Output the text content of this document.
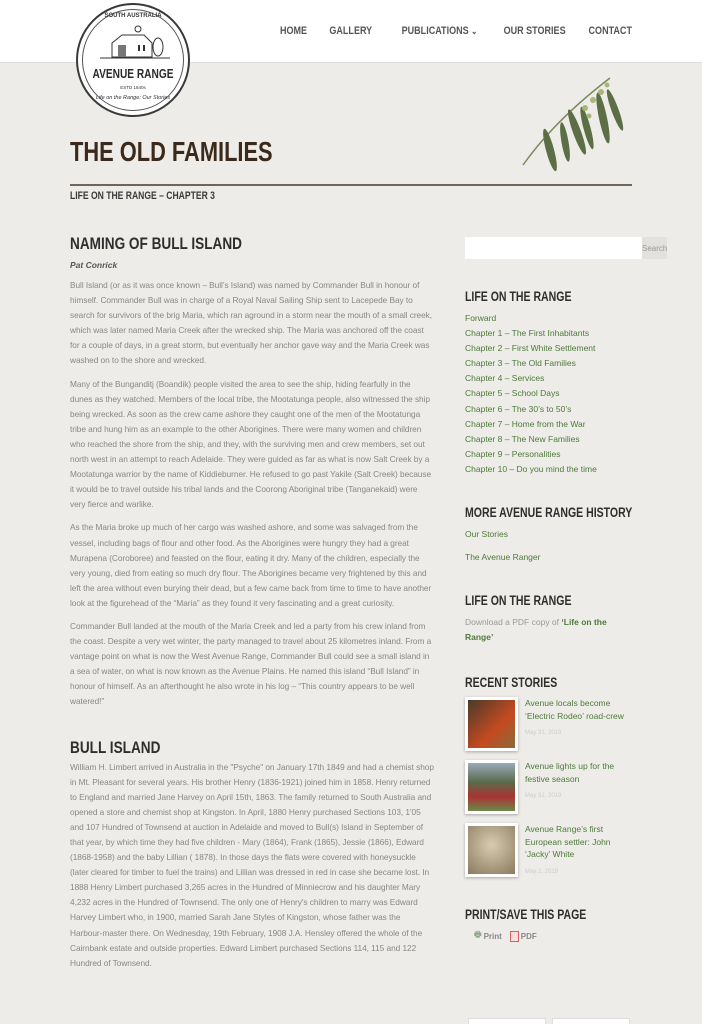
HOME GALLERY	PUBLICATIONS ⌄ OUR STORIES CONTACT
SOUTH AUSTRALIA
AVENUE RANGE
ESTD 1840s
Life on the Range: Our Stories
THE OLD FAMILIES
LIFE ON THE RANGE – CHAPTER 3
NAMING OF BULL ISLAND
Pat Conrick

Bull Island (or as it was once known – Bull’s Island) was named by Commander Bull in honour of himself. Commander Bull was in charge of a Royal Naval Sailing Ship sent to Lacepede Bay to search for survivors of the brig Maria, which ran aground in a storm near the mouth of a small creek, which was later named Maria Creek after the wrecked ship. The Maria was anchored off the coast for a couple of days, in a great storm, but eventually her anchor gave way and the Maria Creek was washed on to the shore and wrecked.

Many of the Bunganditj (Boandik) people visited the area to see the ship, hiding fearfully in the dunes as they watched. Members of the local tribe, the Mootatunga people, also witnessed the ship being wrecked. As soon as the crew came ashore they caught one of the men of the Mootatunga tribe and hung him as an example to the other Aborigines. There were many women and children who reached the shore from the ship, and they, with the surviving men and crew members, set out north west in an attempt to reach Adelaide. They were guided as far as what is now Salt Creek by a Mootatunga warrior by the name of Kiddieburner. He refused to go past Yakile (Salt Creek) because it would be to travel outside his tribal lands and the Coorong Aboriginal tribe (Tanganekaid) were very fierce and warlike.

As the Maria broke up much of her cargo was washed ashore, and some was salvaged from the vessel, including bags of flour and other food. As the Aborigines were hungry they had a great Murapena (Coroboree) and feasted on the flour, eating it dry. Many of the children, especially the very young, died from eating so much dry flour. The Aborigines became very frightened by this and left the area without even burying their dead, but a few came back from time to time to have another look at the figurehead of the “Maria” as they found it very fascinating and a great curiosity.

Commander Bull landed at the mouth of the Maria Creek and led a party from his crew inland from the coast. Despite a very wet winter, the party managed to travel about 25 kilometres inland. From a vantage point on what is now the West Avenue Range, Commander Bull could see a small island in a sea of water, on what is now known as the Avenue Plains. He named this island “Bull Island” in honour of himself. As an afterthought he also wrote in his log – “This country appears to be well watered!”

BULL ISLAND

William H. Limbert arrived in Australia in the "Psyche" on January 17th 1849 and had a chemist shop in Mt. Pleasant for several years. His brother Henry (1836-1921) joined him in 1858. Henry returned to England and married Jane Harvey on April 15th, 1863. The family returned to South Australia and opened a store and chemist shop at Kingston. In April, 1880 Henry purchased Sections 103, 1'05 and 107 Hundred of Townsend at auction in Adelaide and moved to Bull(s) Island in September of that year, by which time they had five children - Mary (1864), Frank (1865), Jessie (1866), Edward (1868-1958) and the baby Lillian ( 1878). In those days the flats were covered with honeysuckle (later cleared for timber to fuel the trains) and Lillian was dressed in red in case she became lost. In 1888 Henry Limbert purchased 3,265 acres in the Hundred of Minniecrow and his daughter Mary 4,232 acres in the Hundred of Townsend. The only one of Henry's children to marry was Edward Harvey Limbert who, in 1900, married Sarah Jane Styles of Kingston, whose father was the Harbour-master there. On Wednesday, 19th February, 1908 J.A. Hensley offered the whole of the Cairnbank estate and outside properties. Edward Limbert purchased Sections 114, 115 and 122 Hundred of Townsend.

Search
LIFE ON THE RANGE
Forward
Chapter 1 – The First Inhabitants
Chapter 2 – First White Settlement
Chapter 3 – The Old Families
Chapter 4 – Services
Chapter 5 – School Days
Chapter 6 – The 30’s to 50’s
Chapter 7 – Home from the War
Chapter 8 – The New Families
Chapter 9 – Personalities
Chapter 10 – Do you mind the time
MORE AVENUE RANGE HISTORY
Our Stories
The Avenue Ranger
LIFE ON THE RANGE
Download a PDF copy of ‘Life on the Range’
RECENT STORIES
Avenue locals become ‘Electric Rodeo’ road-crew
May 31, 2019
Avenue lights up for the festive season
May 31, 2019
Avenue Range’s first European settler: John ‘Jacky’ White
May 2, 2019
PRINT/SAVE THIS PAGE
🖶 Print PDF
